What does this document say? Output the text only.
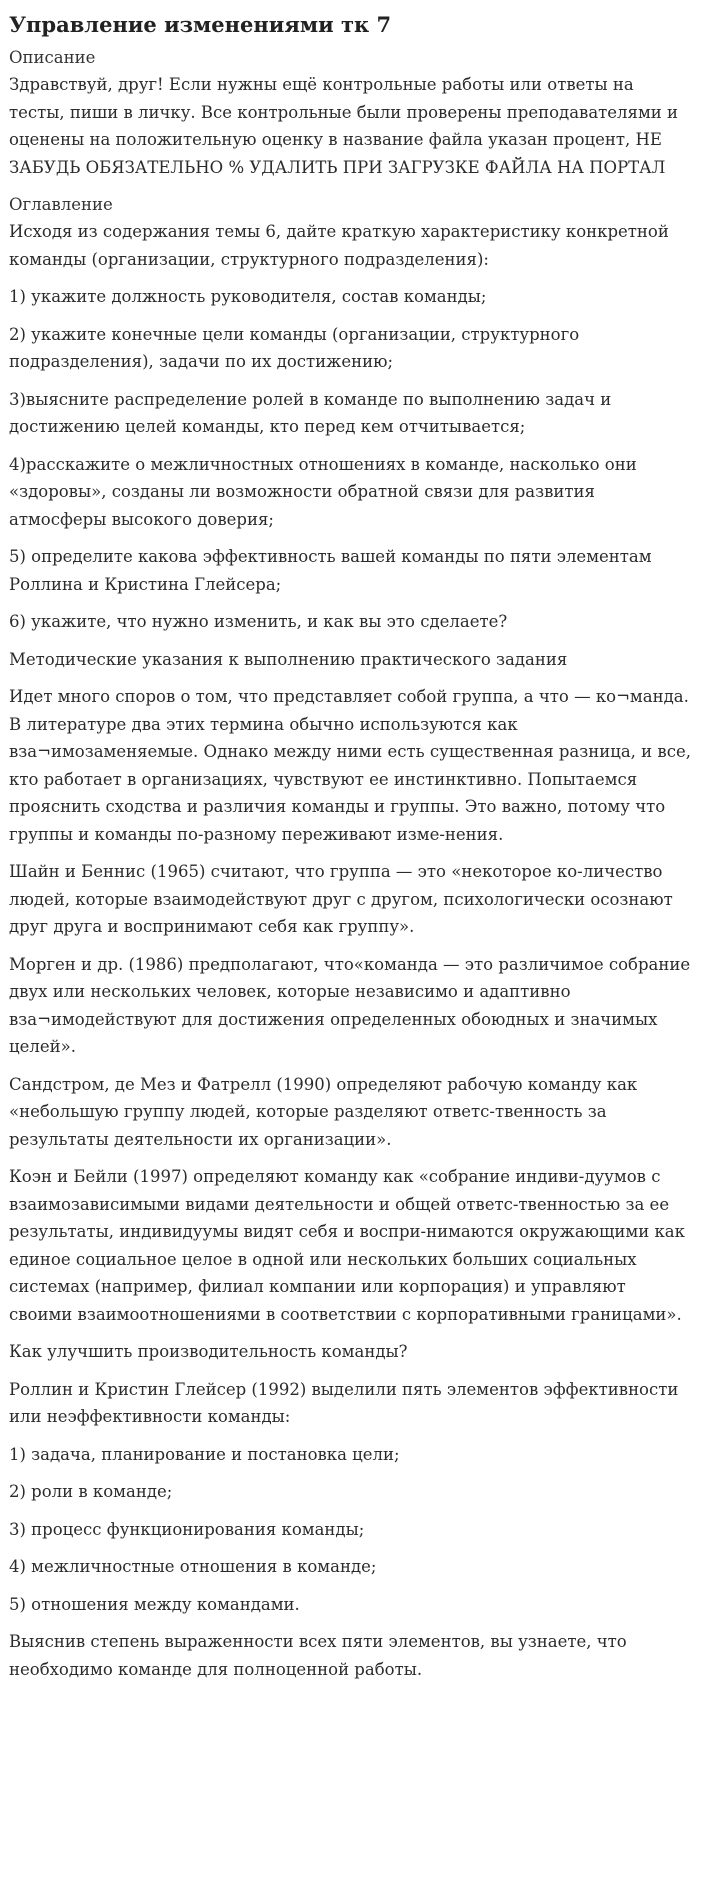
Управление изменениями тк 7
Описание

Здравствуй, друг! Если нужны ещё контрольные работы или ответы на тесты, пиши в личку. Все контрольные были проверены преподавателями и оценены на положительную оценку в название файла указан процент, НЕ ЗАБУДЬ ОБЯЗАТЕЛЬНО % УДАЛИТЬ ПРИ ЗАГРУЗКЕ ФАЙЛА НА ПОРТАЛ

Оглавление

Исходя из содержания темы 6, дайте краткую характеристику конкретной команды (организации, структурного подразделения):

1) укажите должность руководителя, состав команды;

2) укажите конечные цели команды (организации, структурного подразделения), задачи по их достижению;

3)выясните распределение ролей в команде по выполнению задач и достижению целей команды, кто перед кем отчитывается;

4)расскажите о межличностных отношениях в команде, насколько они «здоровы», созданы ли возможности обратной связи для развития атмосферы высокого доверия;

5) определите какова эффективность вашей команды по пяти элементам Роллина и Кристина Глейсера;

6) укажите, что нужно изменить, и как вы это сделаете?

Методические указания к выполнению практического задания

Идет много споров о том, что представляет собой группа, а что — ко¬манда. В литературе два этих термина обычно используются как вза¬имозаменяемые. Однако между ними есть существенная разница, и все, кто работает в организациях, чувствуют ее инстинктивно. Попытаемся прояснить сходства и различия команды и группы. Это важно, потому что группы и команды по-разному переживают изме-нения.

Шайн и Беннис (1965) считают, что группа — это «некоторое ко-личество людей, которые взаимодействуют друг с другом, психологически осознают друг друга и воспринимают себя как группу».

Морген и др. (1986) предполагают, что«команда — это различимое собрание двух или нескольких человек, которые независимо и адаптивно вза¬имодействуют для достижения определенных обоюдных и значимых целей».

Сандстром, де Мез и Фатрелл (1990) определяют рабочую команду как «небольшую группу людей, которые разделяют ответс-твенность за результаты деятельности их организации».

Коэн и Бейли (1997) определяют команду как «собрание индиви-дуумов с взаимозависимыми видами деятельности и общей ответс-твенностью за ее результаты, индивидуумы видят себя и воспри-нимаются окружающими как единое социальное целое в одной или нескольких больших социальных системах (например, филиал компании или корпорация) и управляют своими взаимоотношениями в соответствии с корпоративными границами».

Как улучшить производительность команды?

Роллин и Кристин Глейсер (1992) выделили пять элементов эффективности или неэффективности команды:

1) задача, планирование и постановка цели;

2) роли в команде;

3) процесс функционирования команды;

4) межличностные отношения в команде;

5) отношения между командами.

Выяснив степень выраженности всех пяти элементов, вы узнаете, что необходимо команде для полноценной работы.
